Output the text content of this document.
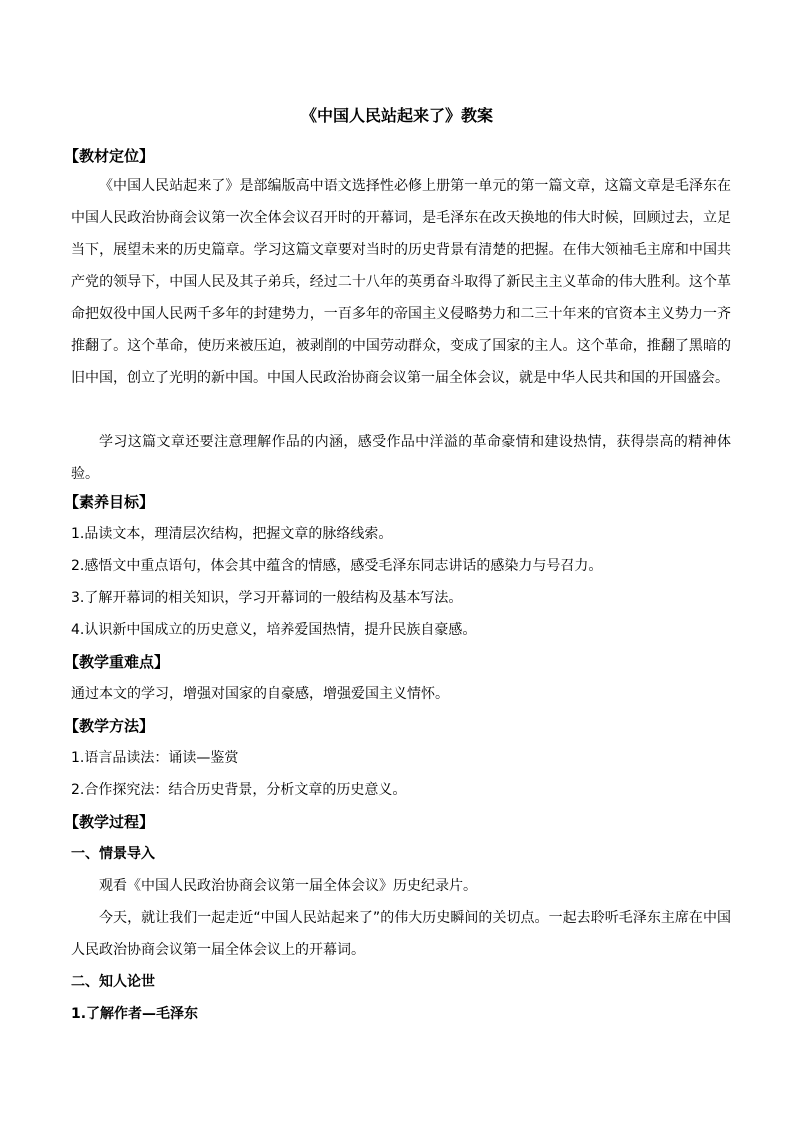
《中国人民站起来了》教案
【教材定位】

《中国人民站起来了》是部编版高中语文选择性必修上册第一单元的第一篇文章，这篇文章是毛泽东在中国人民政治协商会议第一次全体会议召开时的开幕词，是毛泽东在改天换地的伟大时候，回顾过去，立足当下，展望未来的历史篇章。学习这篇文章要对当时的历史背景有清楚的把握。在伟大领袖毛主席和中国共产党的领导下，中国人民及其子弟兵，经过二十八年的英勇奋斗取得了新民主主义革命的伟大胜利。这个革命把奴役中国人民两千多年的封建势力，一百多年的帝国主义侵略势力和二三十年来的官资本主义势力一齐推翻了。这个革命，使历来被压迫，被剥削的中国劳动群众，变成了国家的主人。这个革命，推翻了黑暗的旧中国，创立了光明的新中国。中国人民政治协商会议第一届全体会议，就是中华人民共和国的开国盛会。

学习这篇文章还要注意理解作品的内涵，感受作品中洋溢的革命豪情和建设热情，获得崇高的精神体验。

【素养目标】

1.品读文本，理清层次结构，把握文章的脉络线索。

2.感悟文中重点语句，体会其中蕴含的情感，感受毛泽东同志讲话的感染力与号召力。

3.了解开幕词的相关知识，学习开幕词的一般结构及基本写法。

4.认识新中国成立的历史意义，培养爱国热情，提升民族自豪感。

【教学重难点】

通过本文的学习，增强对国家的自豪感，增强爱国主义情怀。

【教学方法】

1.语言品读法：诵读—鉴赏

2.合作探究法：结合历史背景，分析文章的历史意义。

【教学过程】
一、情景导入

观看《中国人民政治协商会议第一届全体会议》历史纪录片。

今天，就让我们一起走近“中国人民站起来了”的伟大历史瞬间的关切点。一起去聆听毛泽东主席在中国人民政治协商会议第一届全体会议上的开幕词。

二、知人论世
1.了解作者—毛泽东
